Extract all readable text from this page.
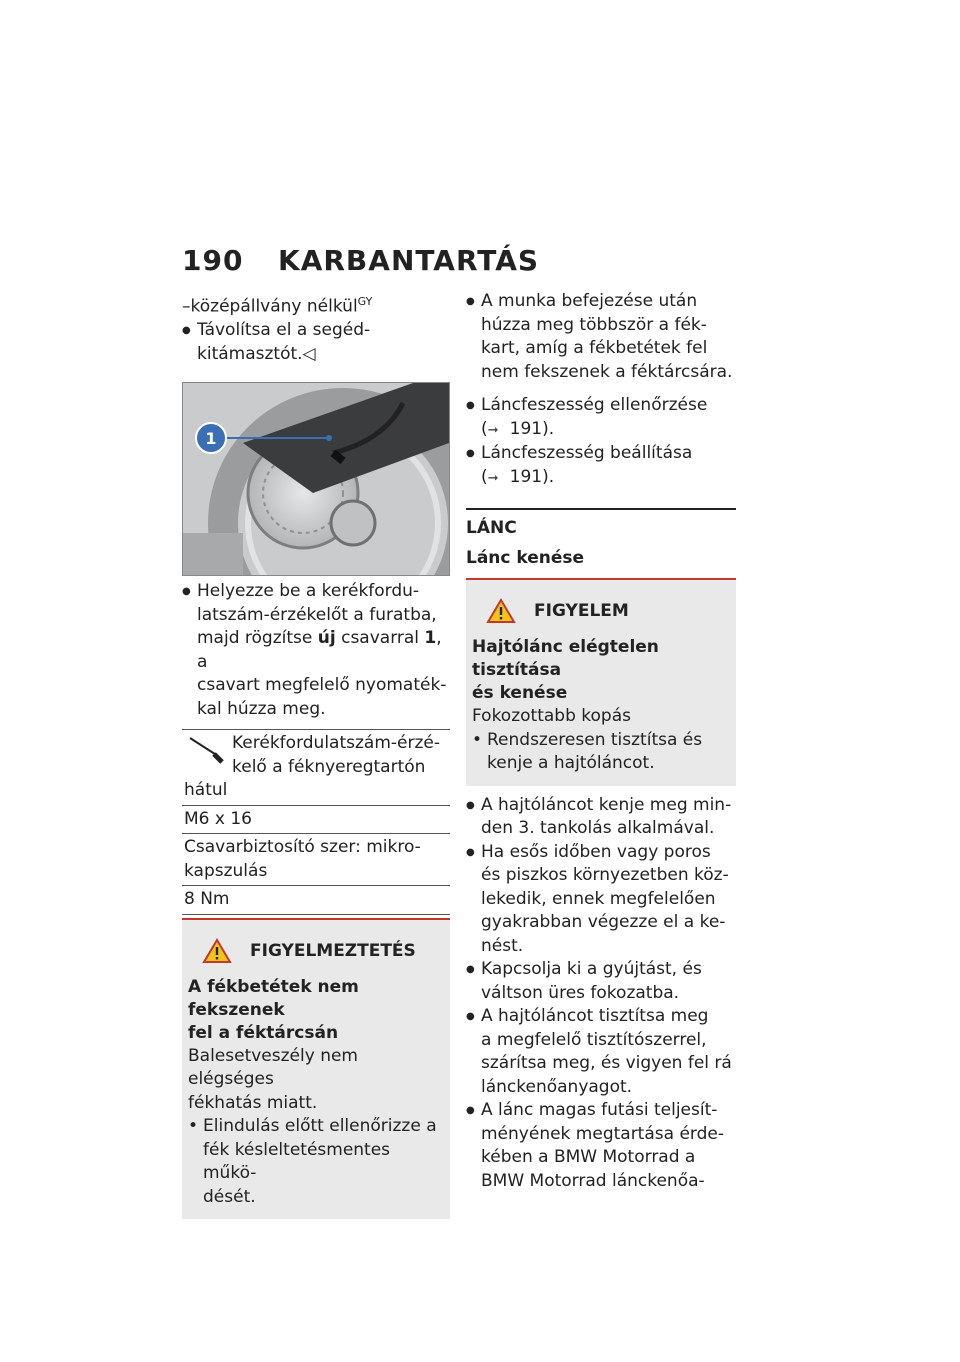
190 KARBANTARTÁS

–középállvány nélkül$^{GY}$

● Távolítsa el a segéd-

kitámasztót.◁

1

● Helyezze be a kerékfordu-

latszám-érzékelőt a furatba,

majd rögzítse új csavarral 1, a

csavart megfelelő nyomaték-

kal húzza meg.

Kerékfordulatszám-érzé-
kelő a féknyeregtartón
hátul
M6 x 16
Csavarbiztosító szer: mikro-
kapszulás
8 Nm
FIGYELMEZTETÉS
A fékbetétek nem fekszenek
fel a féktárcsán
Balesetveszély nem elégséges
fékhatás miatt.
• Elindulás előtt ellenőrizze a
fék késleltetésmentes műkö-
dését.

● A munka befejezése után

húzza meg többször a fék-

kart, amíg a fékbetétek fel

nem fekszenek a féktárcsára.

● Láncfeszesség ellenőrzése

(➞ 191).

● Láncfeszesség beállítása

(➞ 191).

LÁNC
Lánc kenése
FIGYELEM
Hajtólánc elégtelen tisztítása
és kenése
Fokozottabb kopás
• Rendszeresen tisztítsa és
kenje a hajtóláncot.

● A hajtóláncot kenje meg min-

den 3. tankolás alkalmával.

● Ha esős időben vagy poros

és piszkos környezetben köz-

lekedik, ennek megfelelően

gyakrabban végezze el a ke-

nést.

● Kapcsolja ki a gyújtást, és

váltson üres fokozatba.

● A hajtóláncot tisztítsa meg

a megfelelő tisztítószerrel,

szárítsa meg, és vigyen fel rá

lánckenőanyagot.

● A lánc magas futási teljesít-

ményének megtartása érde-

kében a BMW Motorrad a

BMW Motorrad lánckenőa-
